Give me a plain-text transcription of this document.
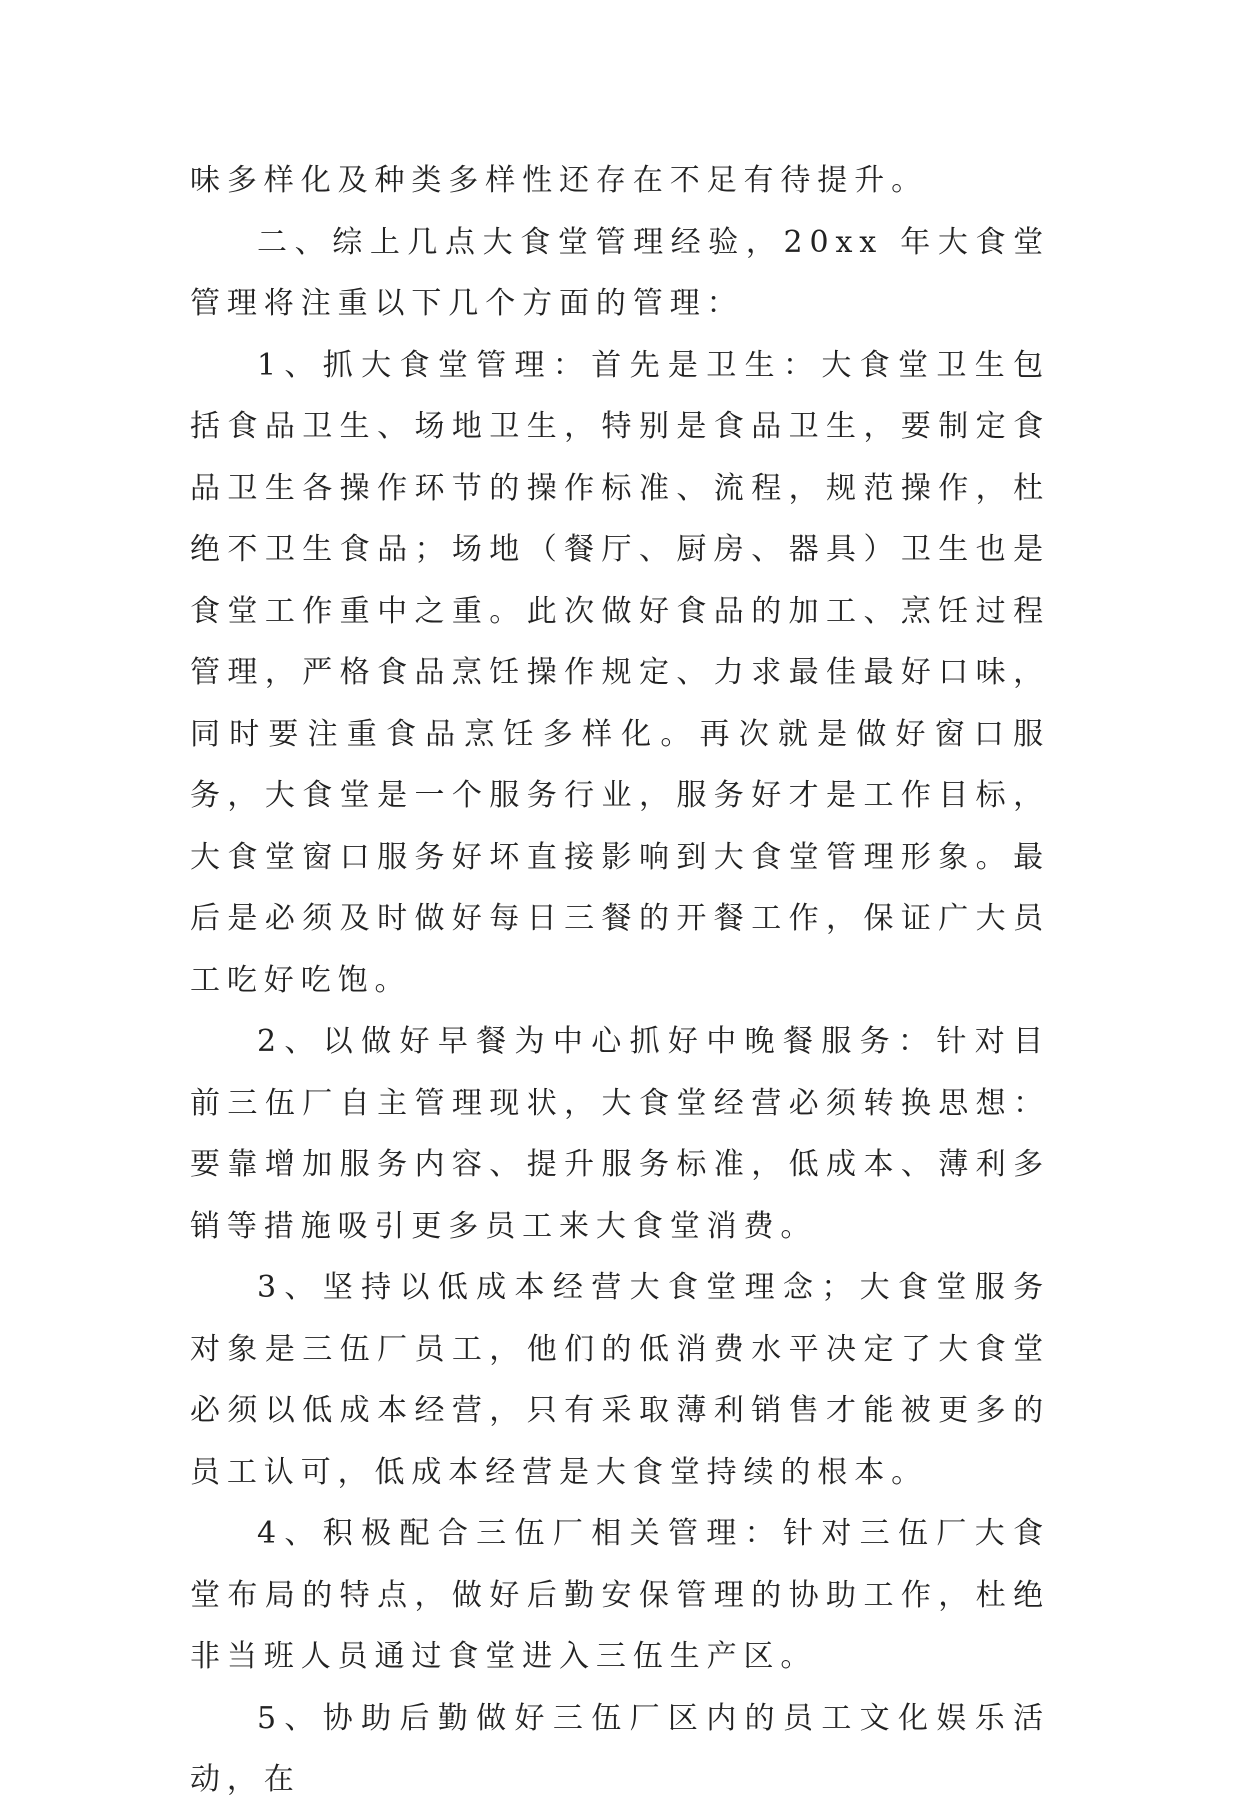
味多样化及种类多样性还存在不足有待提升。

二、综上几点大食堂管理经验，20xx 年大食堂管理将注重以下几个方面的管理：

1、抓大食堂管理：首先是卫生：大食堂卫生包括食品卫生、场地卫生，特别是食品卫生，要制定食品卫生各操作环节的操作标准、流程，规范操作，杜绝不卫生食品；场地（餐厅、厨房、器具）卫生也是食堂工作重中之重。此次做好食品的加工、烹饪过程管理，严格食品烹饪操作规定、力求最佳最好口味，同时要注重食品烹饪多样化。再次就是做好窗口服务，大食堂是一个服务行业，服务好才是工作目标，大食堂窗口服务好坏直接影响到大食堂管理形象。最后是必须及时做好每日三餐的开餐工作，保证广大员工吃好吃饱。

2、以做好早餐为中心抓好中晚餐服务：针对目前三伍厂自主管理现状，大食堂经营必须转换思想：要靠增加服务内容、提升服务标准，低成本、薄利多销等措施吸引更多员工来大食堂消费。

3、坚持以低成本经营大食堂理念；大食堂服务对象是三伍厂员工，他们的低消费水平决定了大食堂必须以低成本经营，只有采取薄利销售才能被更多的员工认可，低成本经营是大食堂持续的根本。

4、积极配合三伍厂相关管理：针对三伍厂大食堂布局的特点，做好后勤安保管理的协助工作，杜绝非当班人员通过食堂进入三伍生产区。

5、协助后勤做好三伍厂区内的员工文化娱乐活动，在
